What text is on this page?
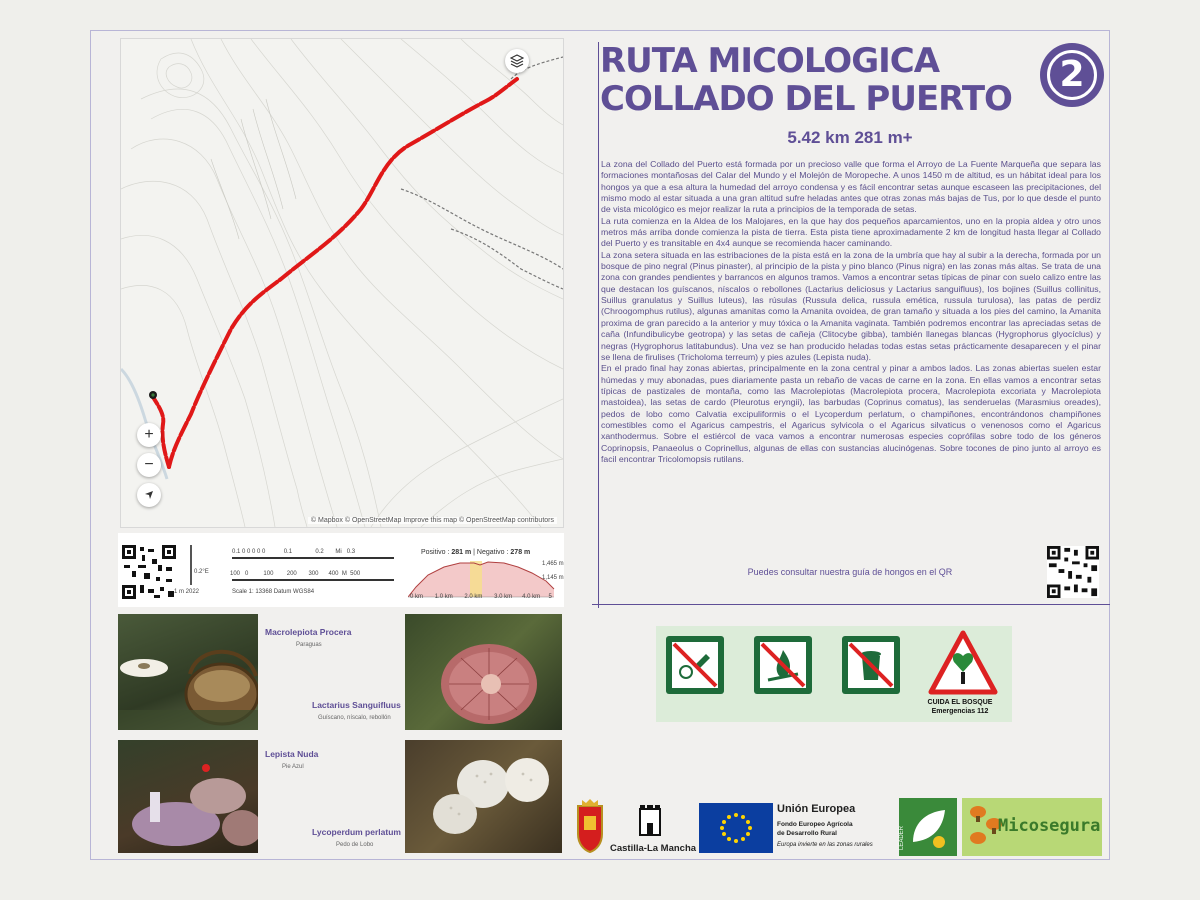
+
−
© Mapbox © OpenStreetMap Improve this map © OpenStreetMap contributors
0.2°E
1 m 2022
0.1 0 0 0 0 0	0.1	0.2 Mi 0.3
100 0	100 200 300 400 M 500
Scale 1: 13368 Datum WGS84
1,465 m
1,145 m
0 km 1.0 km 2.0 km 3.0 km 4.0 km 5
Positivo : 281 m | Negativo : 278 m
RUTA MICOLOGICA
COLLADO DEL PUERTO
2
5.42 km 281 m+

La zona del Collado del Puerto está formada por un precioso valle que forma el Arroyo de La Fuente Marqueña que separa las formaciones montañosas del Calar del Mundo y el Molejón de Moropeche. A unos 1450 m de altitud, es un hábitat ideal para los hongos ya que a esa altura la humedad del arroyo condensa y es fácil encontrar setas aunque escaseen las precipitaciones, del mismo modo al estar situada a una gran altitud sufre heladas antes que otras zonas más bajas de Tus, por lo que desde el punto de vista micológico es mejor realizar la ruta a principios de la temporada de setas.

La ruta comienza en la Aldea de los Malojares, en la que hay dos pequeños aparcamientos, uno en la propia aldea y otro unos metros más arriba donde comienza la pista de tierra. Esta pista tiene aproximadamente 2 km de longitud hasta llegar al Collado del Puerto y es transitable en 4x4 aunque se recomienda hacer caminando.

La zona setera situada en las estribaciones de la pista está en la zona de la umbría que hay al subir a la derecha, formada por un bosque de pino negral (Pinus pinaster), al principio de la pista y pino blanco (Pinus nigra) en las zonas más altas. Se trata de una zona con grandes pendientes y barrancos en algunos tramos. Vamos a encontrar setas típicas de pinar con suelo calizo entre las que destacan los guíscanos, níscalos o rebollones (Lactarius deliciosus y Lactarius sanguifluus), los bojines (Suillus collinitus, Suillus granulatus y Suillus luteus), las rúsulas (Russula delica, russula emética, russula turulosa), las patas de perdiz (Chroogomphus rutilus), algunas amanitas como la Amanita ovoidea, de gran tamaño y situada a los pies del camino, la Amanita proxima de gran parecido a la anterior y muy tóxica o la Amanita vaginata. También podremos encontrar las apreciadas setas de caña (Infundibulicybe geotropa) y las setas de cañeja (Clitocybe gibba), también llanegas blancas (Hygrophorus glyocíclus) y negras (Hygrophorus latitabundus). Una vez se han producido heladas todas estas setas prácticamente desaparecen y el pinar se llena de firulises (Tricholoma terreum) y pies azules (Lepista nuda).

En el prado final hay zonas abiertas, principalmente en la zona central y pinar a ambos lados. Las zonas abiertas suelen estar húmedas y muy abonadas, pues diariamente pasta un rebaño de vacas de carne en la zona. En ellas vamos a encontrar setas típicas de pastizales de montaña, como las Macrolepiotas (Macrolepiota procera, Macrolepiota excoriata y Macrolepiota mastoidea), las setas de cardo (Pleurotus eryngii), las barbudas (Coprinus comatus), las senderuelas (Marasmius oreades), pedos de lobo como Calvatia excipuliformis o el Lycoperdum perlatum, o champiñones, encontrándonos champiñones comestibles como el Agaricus campestris, el Agaricus sylvicola o el Agaricus silvaticus o venenosos como el Agaricus xanthodermus. Sobre el estiércol de vaca vamos a encontrar numerosas especies coprófilas sobre todo de los géneros Coprinopsis, Panaeolus o Coprinellus, algunas de ellas con sustancias alucinógenas. Sobre tocones de pino junto al arroyo es facil encontrar Tricolomopsis rutilans.

Puedes consultar nuestra guía de hongos en el QR
Macrolepiota Procera
Paraguas
Lactarius Sanguifluus
Guíscano, níscalo, rebollón
Lepista Nuda
Pie Azul
Lycoperdum perlatum
Pedo de Lobo
CUIDA EL BOSQUE
Emergencias 112
Castilla-La Mancha
Unión Europea
Fondo Europeo Agrícola
de Desarrollo Rural
Europa invierte en las zonas rurales	LEADER	Micosegura
